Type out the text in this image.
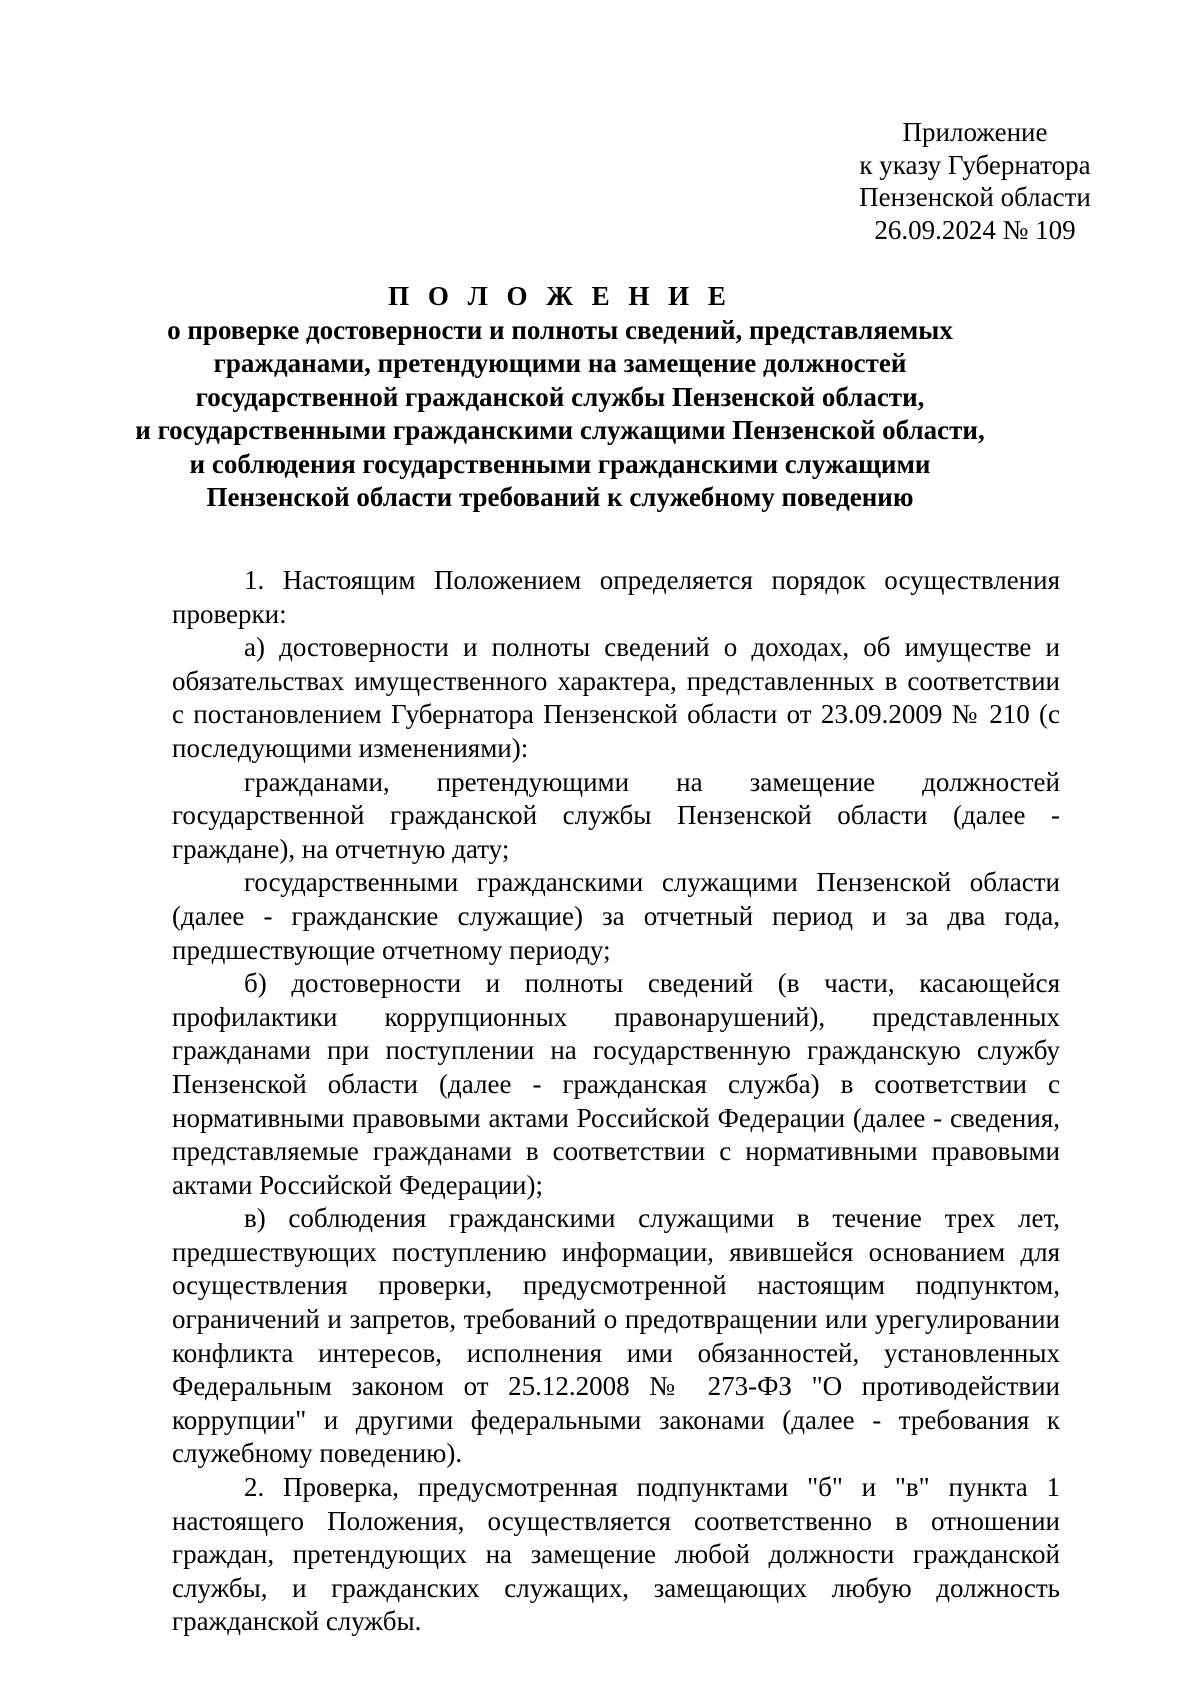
Приложение
к указу Губернатора
Пензенской области
26.09.2024 № 109
П О Л О Ж Е Н И Е
о проверке достоверности и полноты сведений, представляемых
гражданами, претендующими на замещение должностей
государственной гражданской службы Пензенской области,
и государственными гражданскими служащими Пензенской области,
и соблюдения государственными гражданскими служащими
Пензенской области требований к служебному поведению

1. Настоящим Положением определяется порядок осуществления проверки:

а) достоверности и полноты сведений о доходах, об имуществе и обязательствах имущественного характера, представленных в соответствии с постановлением Губернатора Пензенской области от 23.09.2009 № 210 (с последующими изменениями):

гражданами, претендующими на замещение должностей государственной гражданской службы Пензенской области (далее - граждане), на отчетную дату;

государственными гражданскими служащими Пензенской области (далее - гражданские служащие) за отчетный период и за два года, предшествующие отчетному периоду;

б) достоверности и полноты сведений (в части, касающейся профилактики коррупционных правонарушений), представленных гражданами при поступлении на государственную гражданскую службу Пензенской области (далее - гражданская служба) в соответствии с нормативными правовыми актами Российской Федерации (далее - сведения, представляемые гражданами в соответствии с нормативными правовыми актами Российской Федерации);

в) соблюдения гражданскими служащими в течение трех лет, предшествующих поступлению информации, явившейся основанием для осуществления проверки, предусмотренной настоящим подпунктом, ограничений и запретов, требований о предотвращении или урегулировании конфликта интересов, исполнения ими обязанностей, установленных Федеральным законом от 25.12.2008 № 273-ФЗ "О противодействии коррупции" и другими федеральными законами (далее - требования к служебному поведению).

2. Проверка, предусмотренная подпунктами "б" и "в" пункта 1 настоящего Положения, осуществляется соответственно в отношении граждан, претендующих на замещение любой должности гражданской службы, и гражданских служащих, замещающих любую должность гражданской службы.
